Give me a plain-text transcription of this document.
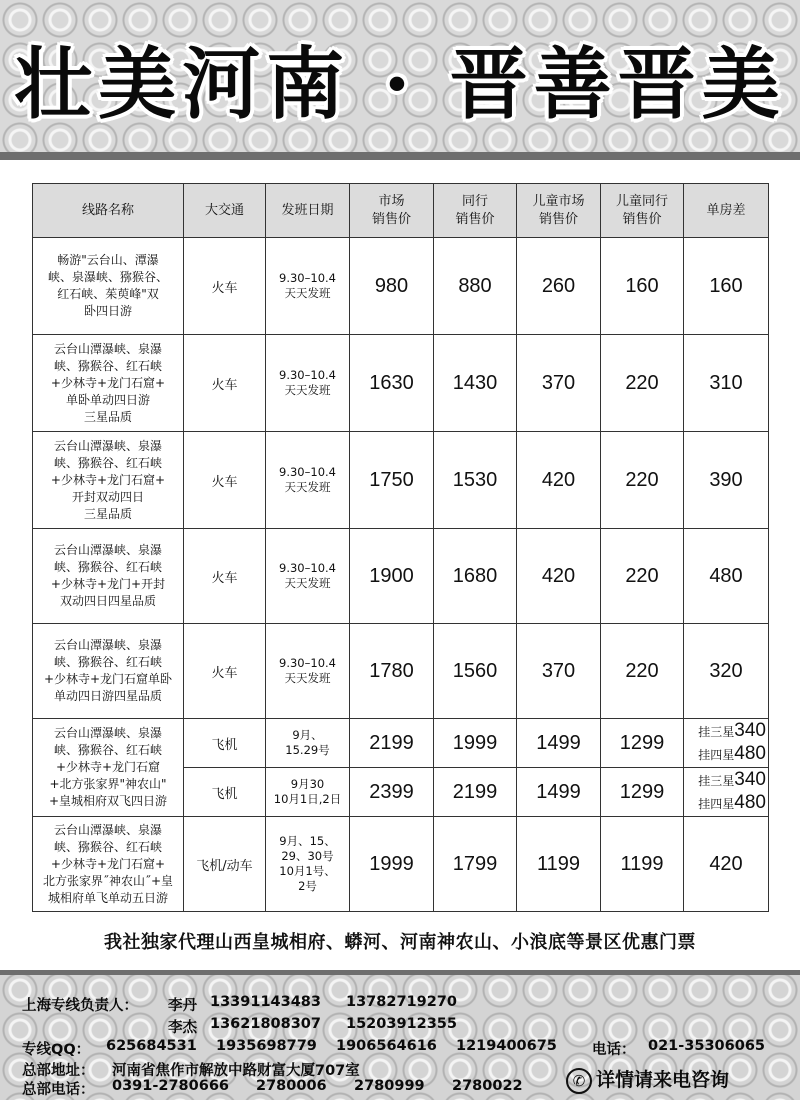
壮美河南 · 晋善晋美
线路名称	大交通	发班日期	市场
销售价	同行
销售价	儿童市场
销售价	儿童同行
销售价	单房差
畅游"云台山、潭瀑
峡、泉瀑峡、猕猴谷、
红石峡、茱萸峰"双
卧四日游	火车	9.30–10.4
天天发班	980	880	260	160	160
云台山潭瀑峡、泉瀑
峡、猕猴谷、红石峡
+少林寺+龙门石窟+
单卧单动四日游
三星品质	火车	9.30–10.4
天天发班	1630	1430	370	220	310
云台山潭瀑峡、泉瀑
峡、猕猴谷、红石峡
+少林寺+龙门石窟+
开封双动四日
三星品质	火车	9.30–10.4
天天发班	1750	1530	420	220	390
云台山潭瀑峡、泉瀑
峡、猕猴谷、红石峡
+少林寺+龙门+开封
双动四日四星品质	火车	9.30–10.4
天天发班	1900	1680	420	220	480
云台山潭瀑峡、泉瀑
峡、猕猴谷、红石峡
+少林寺+龙门石窟单卧
单动四日游四星品质	火车	9.30–10.4
天天发班	1780	1560	370	220	320
云台山潭瀑峡、泉瀑
峡、猕猴谷、红石峡
+少林寺+龙门石窟
+北方张家界"神农山"
+皇城相府双飞四日游	飞机	9月、
15.29号	2199	1999	1499	1299	挂三星340
挂四星480

	飞机	9月30
10月1日,2日	2399	2199	1499	1299	挂三星340
挂四星480

云台山潭瀑峡、泉瀑
峡、猕猴谷、红石峡
+少林寺+龙门石窟+
北方张家界˝神农山˝+皇
城相府单飞单动五日游	飞机/动车	9月、15、
29、30号
10月1号、
2号	1999	1799	1199	1199	420
我社独家代理山西皇城相府、蟒河、河南神农山、小浪底等景区优惠门票
上海专线负责人： 李丹 13391143483 13782719270
李杰 13621808307 15203912355
专线QQ： 625684531 1935698779 1906564616 1219400675 电话： 021-35306065
总部地址： 河南省焦作市解放中路财富大厦707室
总部电话： 0391-2780666 2780006 2780999 2780022	✆ 详情请来电咨询
